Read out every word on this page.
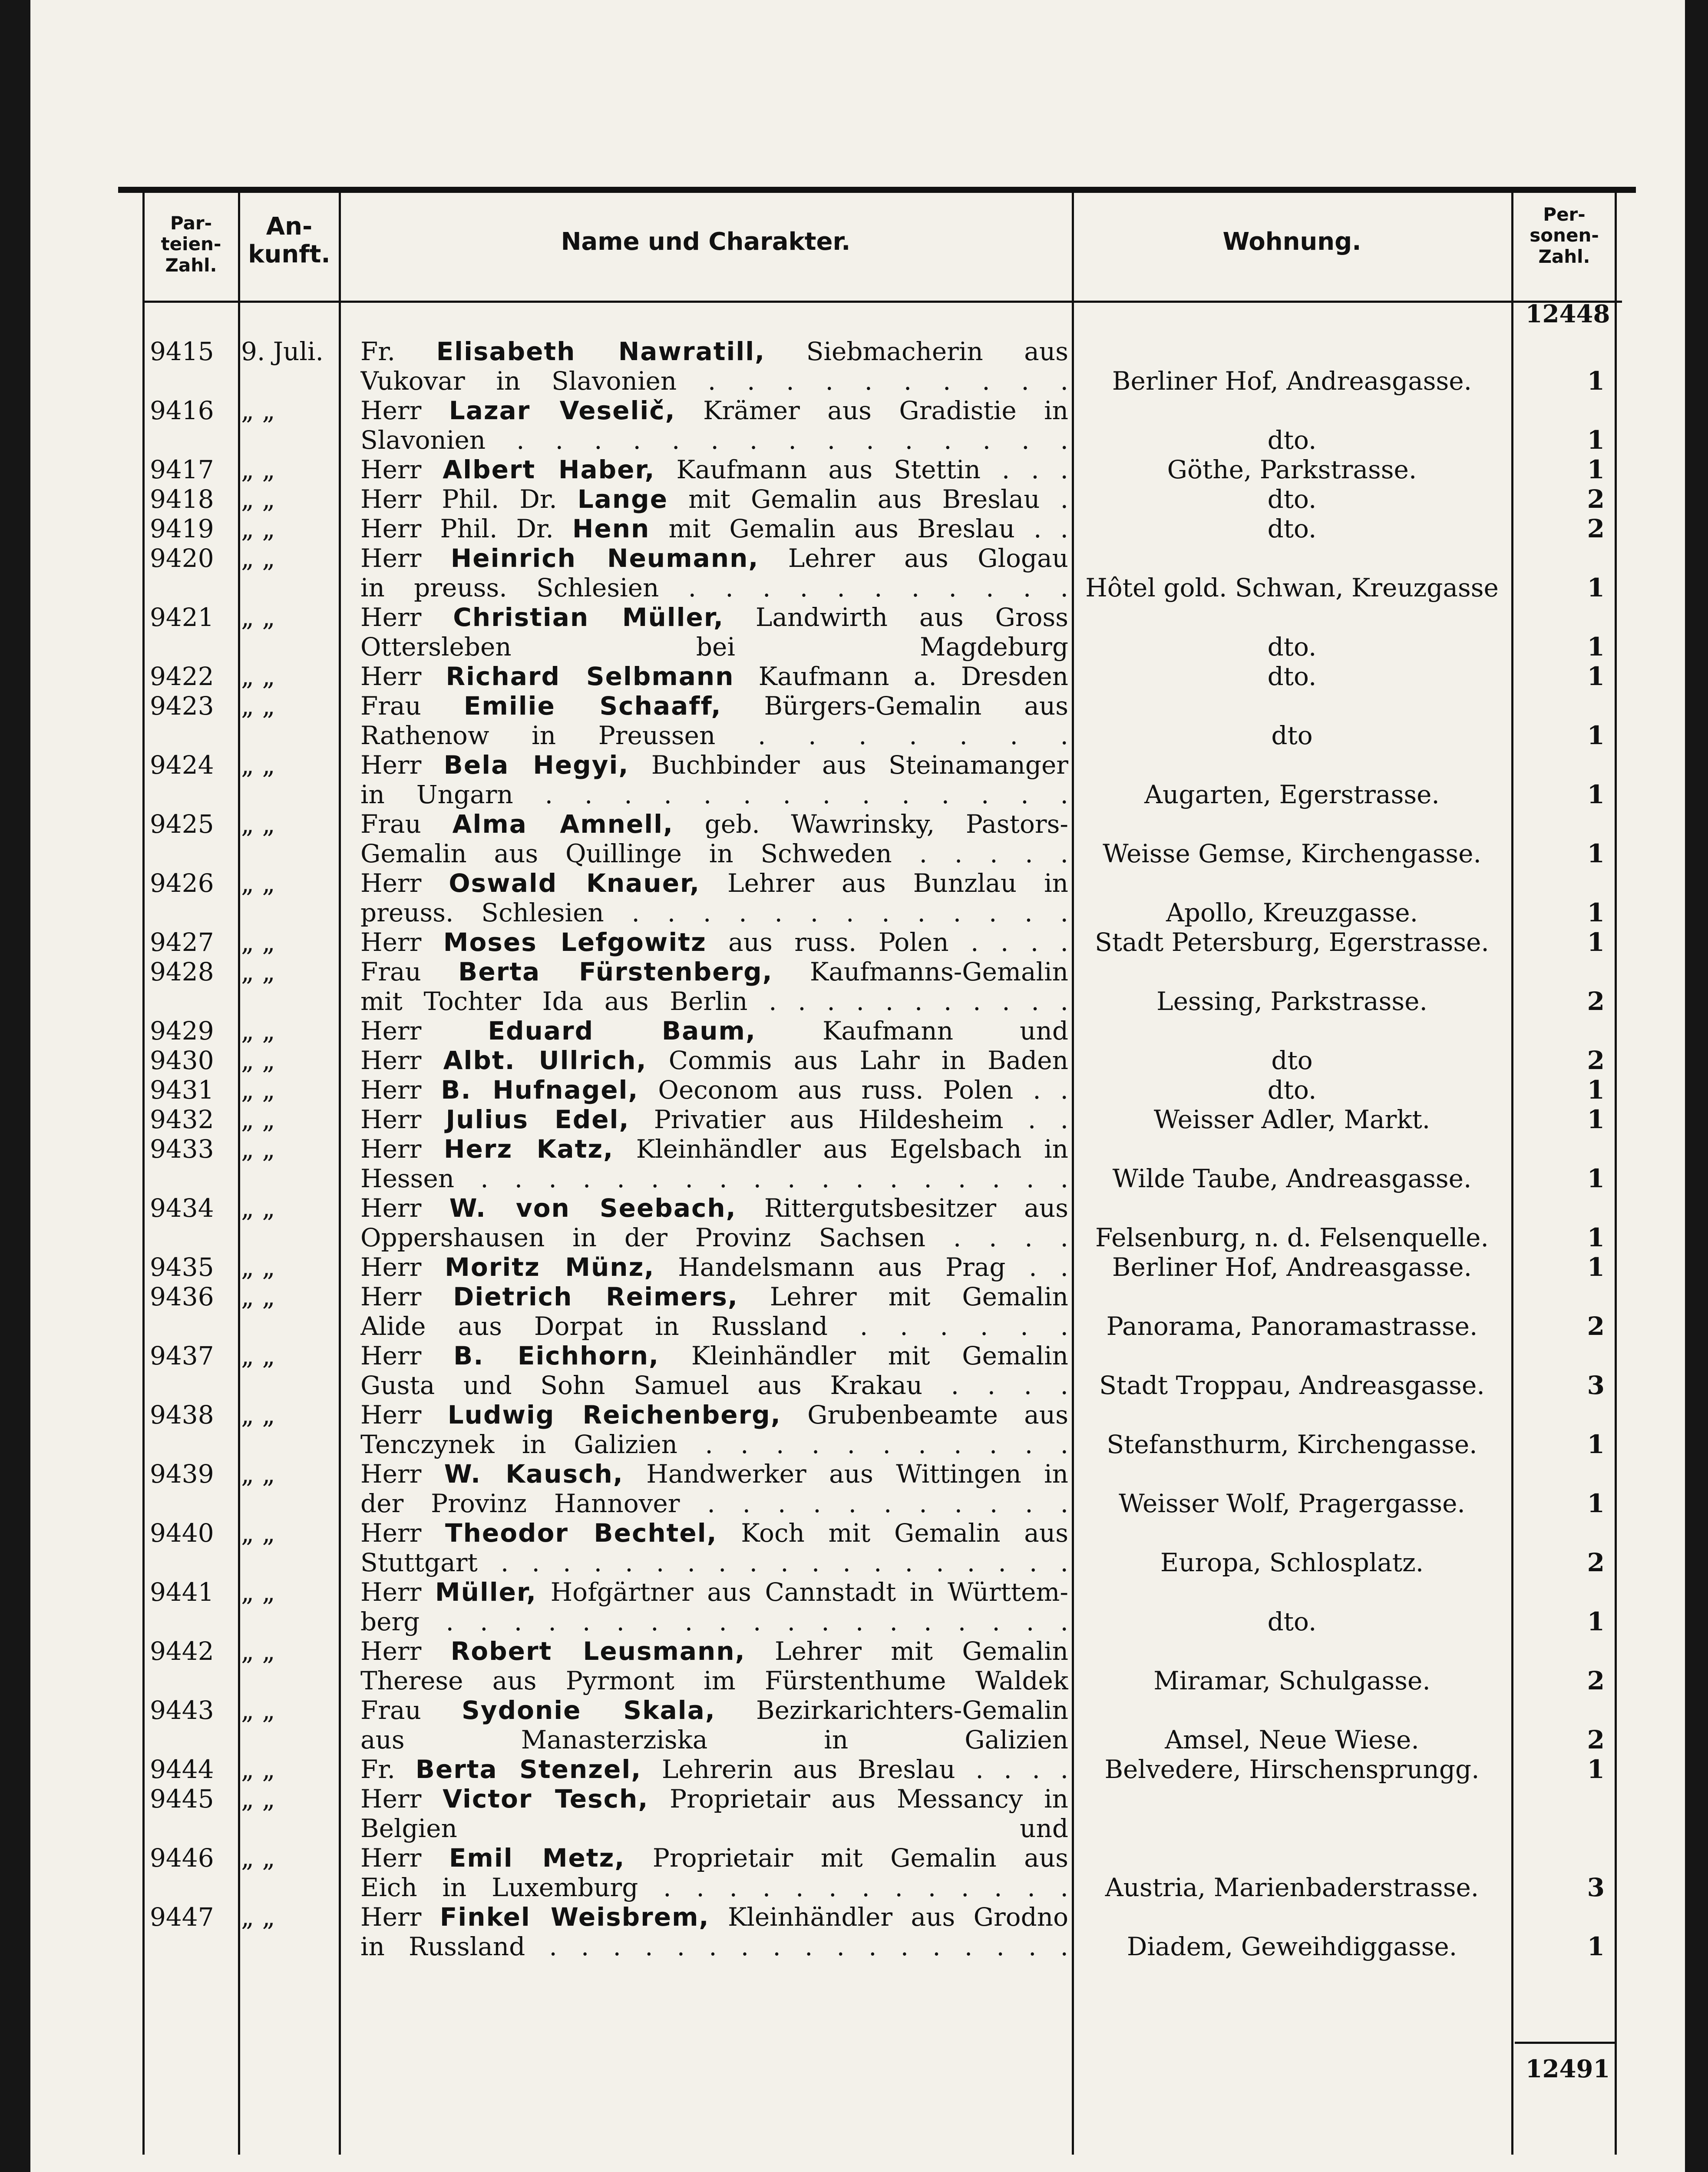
Par-
teien-
Zahl.
An-
kunft.	Name und Charakter.	Wohnung.
Per-
sonen-
Zahl.
12448
12491
9415	9. Juli.	Fr. Elisabeth Nawratill, Siebmacherin aus
Vukovar in Slavonien . . . . . . . . . .	Berliner Hof, Andreasgasse.	1
9416	„ „	Herr Lazar Veselič, Krämer aus Gradistie in
Slavonien . . . . . . . . . . . . . . .	dto.	1
9417	„ „	Herr Albert Haber, Kaufmann aus Stettin . . .	Göthe, Parkstrasse.	1
9418	„ „	Herr Phil. Dr. Lange mit Gemalin aus Breslau .	dto.	2
9419	„ „	Herr Phil. Dr. Henn mit Gemalin aus Breslau . .	dto.	2
9420	„ „	Herr Heinrich Neumann, Lehrer aus Glogau
in preuss. Schlesien . . . . . . . . . . . Hôtel gold. Schwan, Kreuzgasse	1
9421	„ „	Herr Christian Müller, Landwirth aus Gross
Ottersleben bei Magdeburg	dto.	1
9422	„ „	Herr Richard Selbmann Kaufmann a. Dresden	dto.	1
9423	„ „	Frau Emilie Schaaff, Bürgers-Gemalin aus
Rathenow in Preussen . . . . . . .	dto	1
9424	„ „	Herr Bela Hegyi, Buchbinder aus Steinamanger
in Ungarn . . . . . . . . . . . . . .	Augarten, Egerstrasse.	1
9425	„ „	Frau Alma Amnell, geb. Wawrinsky, Pastors-
Gemalin aus Quillinge in Schweden . . . . .	Weisse Gemse, Kirchengasse.	1
9426	„ „	Herr Oswald Knauer, Lehrer aus Bunzlau in
preuss. Schlesien . . . . . . . . . . . . .	Apollo, Kreuzgasse.	1
9427	„ „	Herr Moses Lefgowitz aus russ. Polen . . . .	Stadt Petersburg, Egerstrasse.	1
9428	„ „	Frau Berta Fürstenberg, Kaufmanns-Gemalin
mit Tochter Ida aus Berlin . . . . . . . . . . .	Lessing, Parkstrasse.	2
9429	„ „	Herr Eduard Baum, Kaufmann und
9430	„ „	Herr Albt. Ullrich, Commis aus Lahr in Baden	dto	2
9431	„ „	Herr B. Hufnagel, Oeconom aus russ. Polen . .	dto.	1
9432	„ „	Herr Julius Edel, Privatier aus Hildesheim . .	Weisser Adler, Markt.	1
9433	„ „	Herr Herz Katz, Kleinhändler aus Egelsbach in
Hessen . . . . . . . . . . . . . . . . . .	Wilde Taube, Andreasgasse.	1
9434	„ „	Herr W. von Seebach, Rittergutsbesitzer aus
Oppershausen in der Provinz Sachsen . . . .	Felsenburg, n. d. Felsenquelle.	1
9435	„ „	Herr Moritz Münz, Handelsmann aus Prag . .	Berliner Hof, Andreasgasse.	1
9436	„ „	Herr Dietrich Reimers, Lehrer mit Gemalin
Alide aus Dorpat in Russland . . . . . .	Panorama, Panoramastrasse.	2
9437	„ „	Herr B. Eichhorn, Kleinhändler mit Gemalin
Gusta und Sohn Samuel aus Krakau . . . .	Stadt Troppau, Andreasgasse.	3
9438	„ „	Herr Ludwig Reichenberg, Grubenbeamte aus
Tenczynek in Galizien . . . . . . . . . . .	Stefansthurm, Kirchengasse.	1
9439	„ „	Herr W. Kausch, Handwerker aus Wittingen in
der Provinz Hannover . . . . . . . . . . .	Weisser Wolf, Pragergasse.	1
9440	„ „	Herr Theodor Bechtel, Koch mit Gemalin aus
Stuttgart . . . . . . . . . . . . . . . . . . .	Europa, Schlosplatz.	2
9441	„ „	Herr Müller, Hofgärtner aus Cannstadt in Württem-
berg . . . . . . . . . . . . . . . . . . .	dto.	1
9442	„ „	Herr Robert Leusmann, Lehrer mit Gemalin
Therese aus Pyrmont im Fürstenthume Waldek	Miramar, Schulgasse.	2
9443	„ „	Frau Sydonie Skala, Bezirkarichters-Gemalin
aus Manasterziska in Galizien	Amsel, Neue Wiese.	2
9444	„ „	Fr. Berta Stenzel, Lehrerin aus Breslau . . . .	Belvedere, Hirschensprungg.	1
9445	„ „	Herr Victor Tesch, Proprietair aus Messancy in
Belgien und
9446	„ „	Herr Emil Metz, Proprietair mit Gemalin aus
Eich in Luxemburg . . . . . . . . . . . . .	Austria, Marienbaderstrasse.	3
9447	„ „	Herr Finkel Weisbrem, Kleinhändler aus Grodno
in Russland . . . . . . . . . . . . . . . . .	Diadem, Geweihdiggasse.	1
